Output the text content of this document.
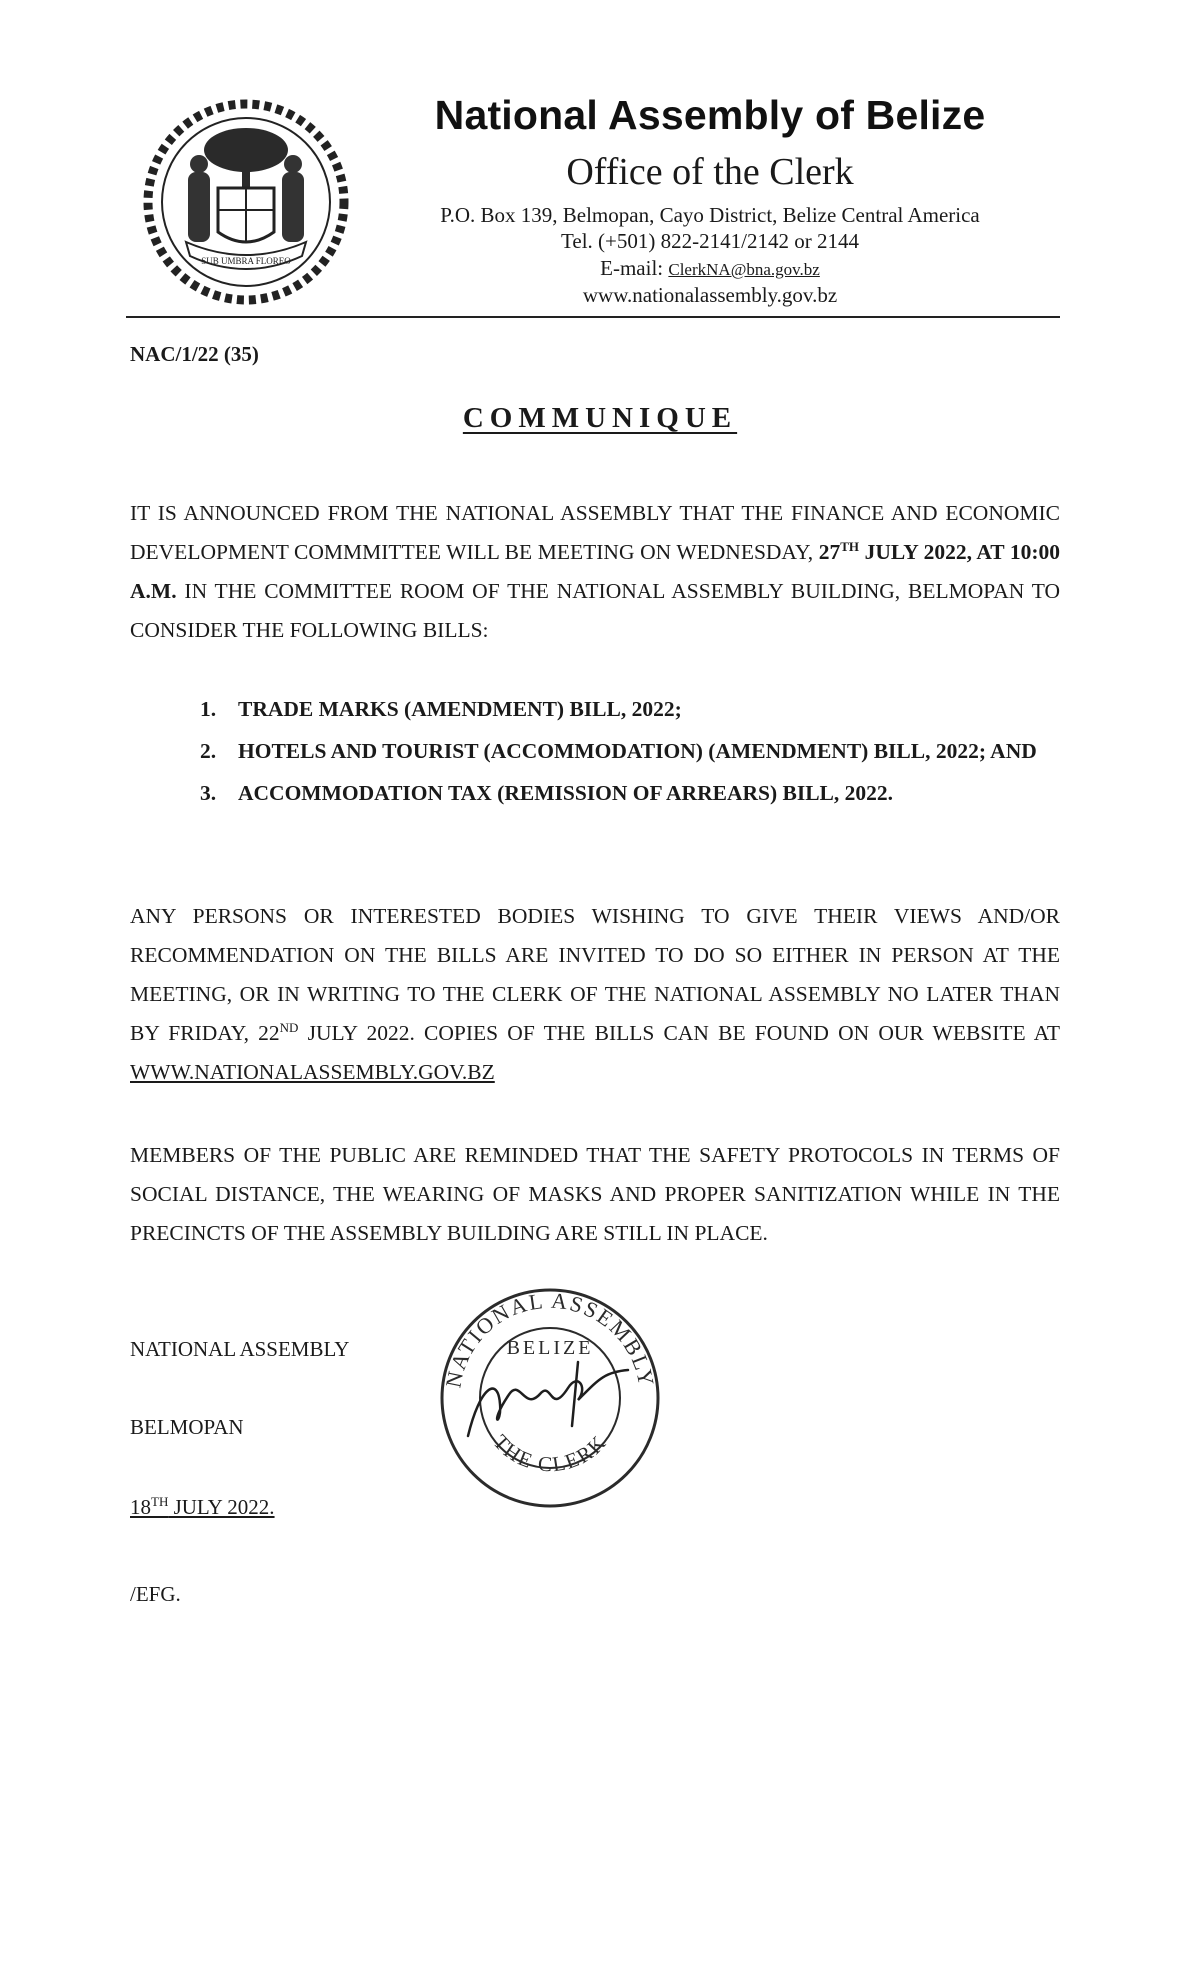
SUB UMBRA FLOREO
National Assembly of Belize
Office of the Clerk
P.O. Box 139, Belmopan, Cayo District, Belize Central America
Tel. (+501) 822-2141/2142 or 2144
E-mail: ClerkNA@bna.gov.bz
www.nationalassembly.gov.bz
NAC/1/22 (35)
COMMUNIQUE
IT IS ANNOUNCED FROM THE NATIONAL ASSEMBLY THAT THE FINANCE AND ECONOMIC DEVELOPMENT COMMMITTEE WILL BE MEETING ON WEDNESDAY, 27TH JULY 2022, AT 10:00 A.M. IN THE COMMITTEE ROOM OF THE NATIONAL ASSEMBLY BUILDING, BELMOPAN TO CONSIDER THE FOLLOWING BILLS:
1. TRADE MARKS (AMENDMENT) BILL, 2022;
2. HOTELS AND TOURIST (ACCOMMODATION) (AMENDMENT) BILL, 2022; AND
3. ACCOMMODATION TAX (REMISSION OF ARREARS) BILL, 2022.
ANY PERSONS OR INTERESTED BODIES WISHING TO GIVE THEIR VIEWS AND/OR RECOMMENDATION ON THE BILLS ARE INVITED TO DO SO EITHER IN PERSON AT THE MEETING, OR IN WRITING TO THE CLERK OF THE NATIONAL ASSEMBLY NO LATER THAN BY FRIDAY, 22ND JULY 2022. COPIES OF THE BILLS CAN BE FOUND ON OUR WEBSITE AT WWW.NATIONALASSEMBLY.GOV.BZ
MEMBERS OF THE PUBLIC ARE REMINDED THAT THE SAFETY PROTOCOLS IN TERMS OF SOCIAL DISTANCE, THE WEARING OF MASKS AND PROPER SANITIZATION WHILE IN THE PRECINCTS OF THE ASSEMBLY BUILDING ARE STILL IN PLACE.
NATIONAL ASSEMBLY
BELMOPAN
18TH JULY 2022.
/EFG.
NATIONAL ASSEMBLY
BELIZE
THE CLERK
